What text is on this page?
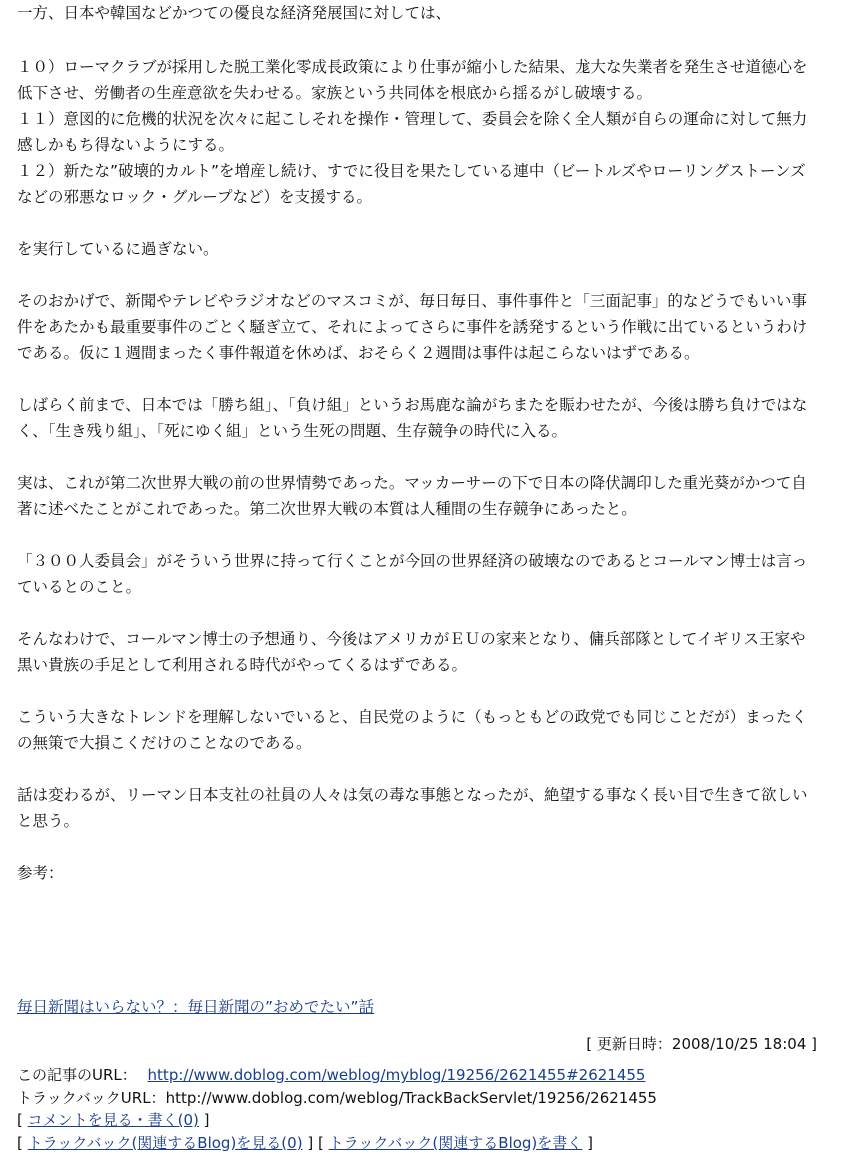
一方、日本や韓国などかつての優良な経済発展国に対しては、

１０）ローマクラブが採用した脱工業化零成長政策により仕事が縮小した結果、尨大な失業者を発生させ道徳心を低下させ、労働者の生産意欲を失わせる。家族という共同体を根底から揺るがし破壊する。

１１）意図的に危機的状況を次々に起こしそれを操作・管理して、委員会を除く全人類が自らの運命に対して無力感しかもち得ないようにする。

１２）新たな”破壊的カルト”を増産し続け、すでに役目を果たしている連中（ビートルズやローリングストーンズなどの邪悪なロック・グループなど）を支援する。

を実行しているに過ぎない。

そのおかげで、新聞やテレビやラジオなどのマスコミが、毎日毎日、事件事件と「三面記事」的などうでもいい事件をあたかも最重要事件のごとく騒ぎ立て、それによってさらに事件を誘発するという作戦に出ているというわけである。仮に１週間まったく事件報道を休めば、おそらく２週間は事件は起こらないはずである。

しばらく前まで、日本では「勝ち組」、「負け組」というお馬鹿な論がちまたを賑わせたが、今後は勝ち負けではなく、「生き残り組」、「死にゆく組」という生死の問題、生存競争の時代に入る。

実は、これが第二次世界大戦の前の世界情勢であった。マッカーサーの下で日本の降伏調印した重光葵がかつて自著に述べたことがこれであった。第二次世界大戦の本質は人種間の生存競争にあったと。

「３００人委員会」がそういう世界に持って行くことが今回の世界経済の破壊なのであるとコールマン博士は言っているとのこと。

そんなわけで、コールマン博士の予想通り、今後はアメリカがＥＵの家来となり、傭兵部隊としてイギリス王家や黒い貴族の手足として利用される時代がやってくるはずである。

こういう大きなトレンドを理解しないでいると、自民党のように（もっともどの政党でも同じことだが）まったくの無策で大損こくだけのことなのである。

話は変わるが、リーマン日本支社の社員の人々は気の毒な事態となったが、絶望する事なく長い目で生きて欲しいと思う。

参考：

毎日新聞はいらない？：毎日新聞の”おめでたい”話
[ 更新日時：2008/10/25 18:04 ]
この記事のURL： http://www.doblog.com/weblog/myblog/19256/2621455#2621455
トラックバックURL：http://www.doblog.com/weblog/TrackBackServlet/19256/2621455
[ コメントを見る・書く(0) ]
[ トラックバック(関連するBlog)を見る(0) ] [ トラックバック(関連するBlog)を書く ]
